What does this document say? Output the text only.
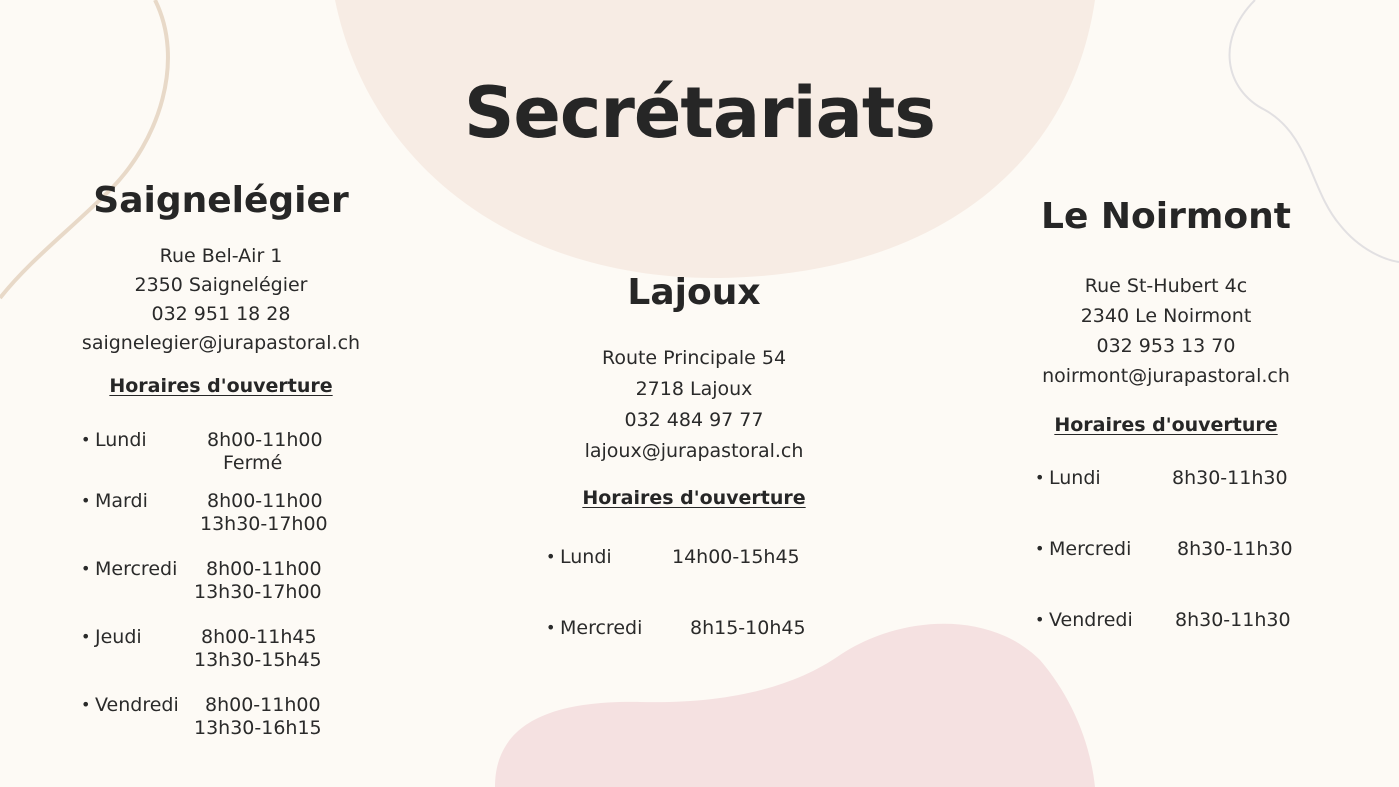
Secrétariats
Saignelégier
Rue Bel-Air 1
2350 Saignelégier
032 951 18 28
saignelegier@jurapastoral.ch
Horaires d'ouverture
• Lundi	8h00-11h00
Fermé
• Mardi	8h00-11h00
13h30-17h00
• Mercredi 8h00-11h00
13h30-17h00
• Jeudi	8h00-11h45
13h30-15h45
• Vendredi 8h00-11h00
13h30-16h15
Lajoux
Route Principale 54
2718 Lajoux
032 484 97 77
lajoux@jurapastoral.ch
Horaires d'ouverture
• Lundi	14h00-15h45
• Mercredi	8h15-10h45
Le Noirmont
Rue St-Hubert 4c
2340 Le Noirmont
032 953 13 70
noirmont@jurapastoral.ch
Horaires d'ouverture
• Lundi	8h30-11h30
• Mercredi 8h30-11h30
• Vendredi 8h30-11h30
